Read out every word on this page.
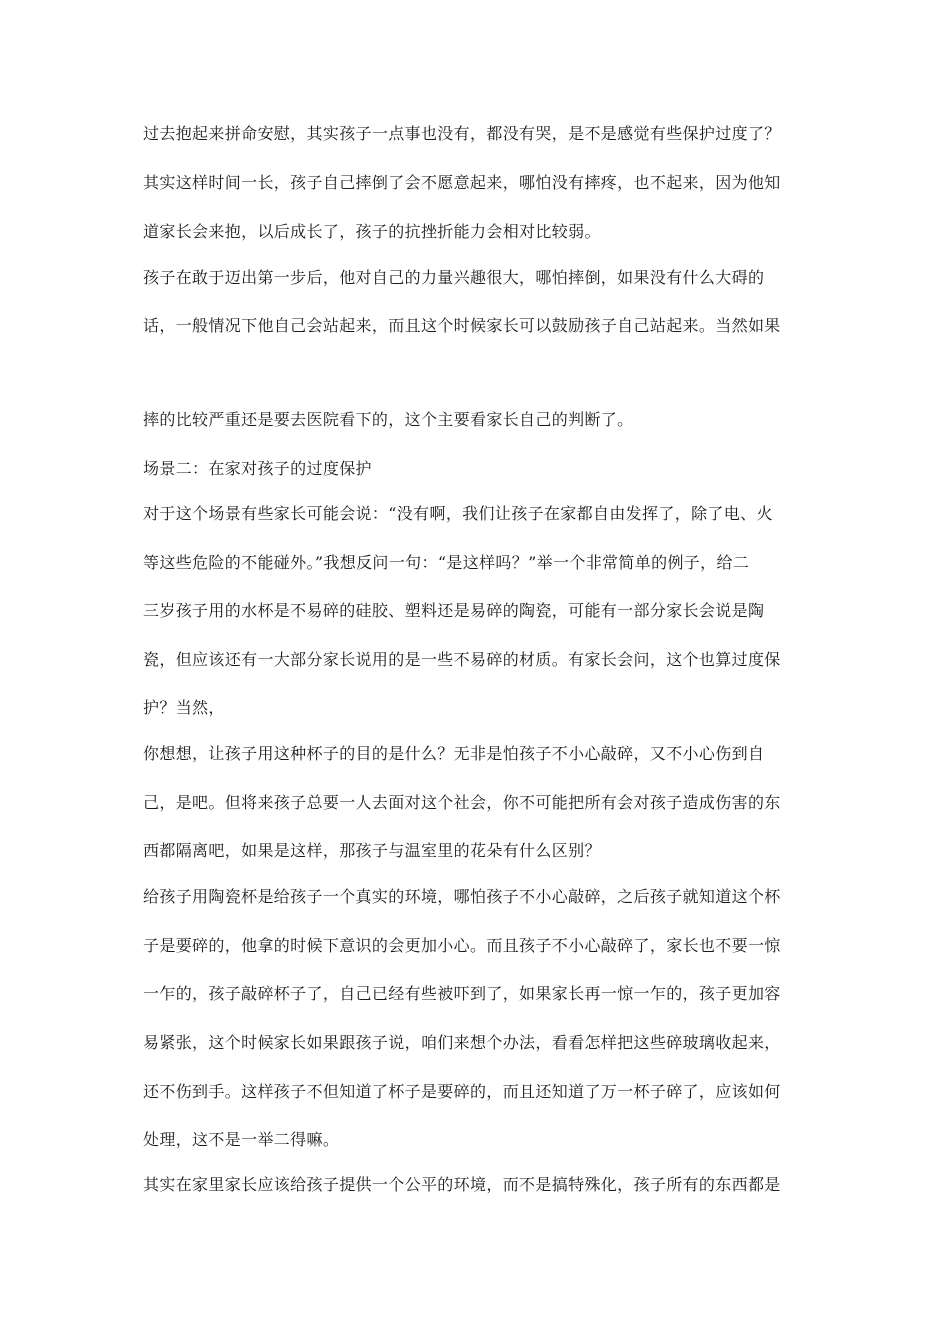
过去抱起来拼命安慰，其实孩子一点事也没有，都没有哭，是不是感觉有些保护过度了？
其实这样时间一长，孩子自己摔倒了会不愿意起来，哪怕没有摔疼，也不起来，因为他知
道家长会来抱，以后成长了，孩子的抗挫折能力会相对比较弱。
孩子在敢于迈出第一步后，他对自己的力量兴趣很大，哪怕摔倒，如果没有什么大碍的
话，一般情况下他自己会站起来，而且这个时候家长可以鼓励孩子自己站起来。当然如果
摔的比较严重还是要去医院看下的，这个主要看家长自己的判断了。
场景二：在家对孩子的过度保护
对于这个场景有些家长可能会说：“没有啊，我们让孩子在家都自由发挥了，除了电、火
等这些危险的不能碰外。”我想反问一句：“是这样吗？”举一个非常简单的例子，给二
三岁孩子用的水杯是不易碎的硅胶、塑料还是易碎的陶瓷，可能有一部分家长会说是陶
瓷，但应该还有一大部分家长说用的是一些不易碎的材质。有家长会问，这个也算过度保
护？当然，
你想想，让孩子用这种杯子的目的是什么？无非是怕孩子不小心敲碎，又不小心伤到自
己，是吧。但将来孩子总要一人去面对这个社会，你不可能把所有会对孩子造成伤害的东
西都隔离吧，如果是这样，那孩子与温室里的花朵有什么区别？
给孩子用陶瓷杯是给孩子一个真实的环境，哪怕孩子不小心敲碎，之后孩子就知道这个杯
子是要碎的，他拿的时候下意识的会更加小心。而且孩子不小心敲碎了，家长也不要一惊
一乍的，孩子敲碎杯子了，自己已经有些被吓到了，如果家长再一惊一乍的，孩子更加容
易紧张，这个时候家长如果跟孩子说，咱们来想个办法，看看怎样把这些碎玻璃收起来，
还不伤到手。这样孩子不但知道了杯子是要碎的，而且还知道了万一杯子碎了，应该如何
处理，这不是一举二得嘛。
其实在家里家长应该给孩子提供一个公平的环境，而不是搞特殊化，孩子所有的东西都是
